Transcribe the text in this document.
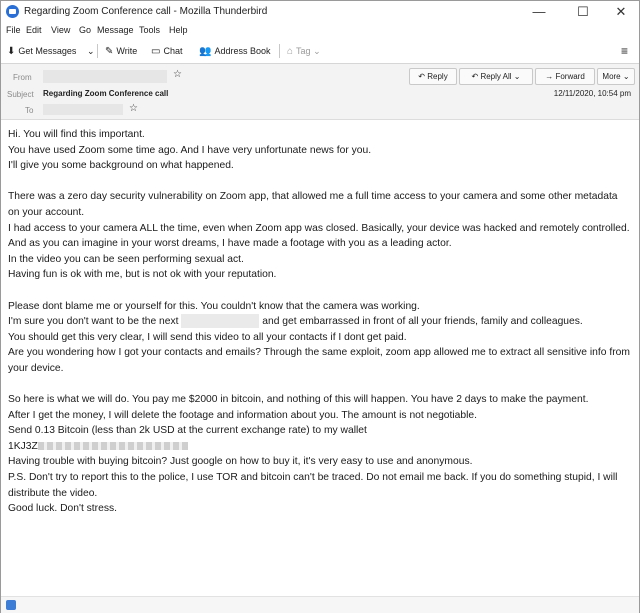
Regarding Zoom Conference call - Mozilla Thunderbird	—	☐	✕
File Edit View Go Message Tools Help
⬇ Get Messages ⌄ ✎ Write ▭ Chat 👥 Address Book ⌂ Tag ⌄	≡
From	☆	↶ Reply	↶ Reply All ⌄	→ Forward	More ⌄
Subject Regarding Zoom Conference call	12/11/2020, 10:54 pm
To	☆

Hi. You will find this important.
You have used Zoom some time ago. And I have very unfortunate news for you.
I'll give you some background on what happened.

There was a zero day security vulnerability on Zoom app, that allowed me a full time access to your camera and some other metadata on your account.
I had access to your camera ALL the time, even when Zoom app was closed. Basically, your device was hacked and remotely controlled.
And as you can imagine in your worst dreams, I have made a footage with you as a leading actor.
In the video you can be seen performing sexual act.
Having fun is ok with me, but is not ok with your reputation.

Please dont blame me or yourself for this. You couldn't know that the camera was working.
I'm sure you don't want to be the next	and get embarrassed in front of all your friends, family and colleagues.
You should get this very clear, I will send this video to all your contacts if I dont get paid.
Are you wondering how I got your contacts and emails? Through the same exploit, zoom app allowed me to extract all sensitive info from your device.

So here is what we will do. You pay me $2000 in bitcoin, and nothing of this will happen. You have 2 days to make the payment.
After I get the money, I will delete the footage and information about you. The amount is not negotiable.
Send 0.13 Bitcoin (less than 2k USD at the current exchange rate) to my wallet
1KJ3Z
Having trouble with buying bitcoin? Just google on how to buy it, it's very easy to use and anonymous.
P.S. Don't try to report this to the police, I use TOR and bitcoin can't be traced. Do not email me back. If you do something stupid, I will distribute the video.
Good luck. Don't stress.
